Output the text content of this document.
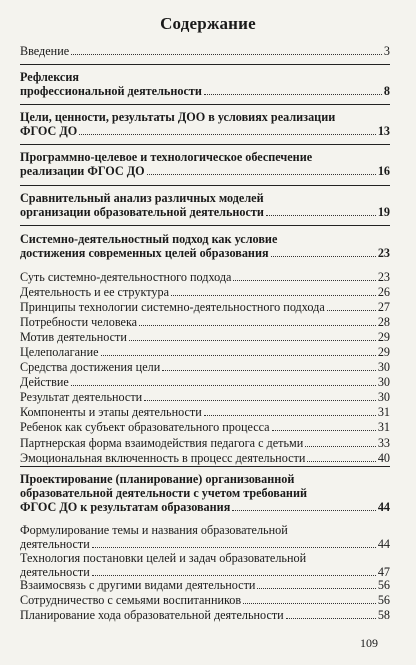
Содержание
Введение	3
Рефлексия
профессиональной деятельности	8
Цели, ценности, результаты ДОО в условиях реализации
ФГОС ДО	13
Программно-целевое и технологическое обеспечение
реализации ФГОС ДО	16
Сравнительный анализ различных моделей
организации образовательной деятельности	19
Системно-деятельностный подход как условие
достижения современных целей образования	23
Суть системно-деятельностного подхода	23
Деятельность и ее структура	26
Принципы технологии системно-деятельностного подхода	27
Потребности человека	28
Мотив деятельности	29
Целеполагание	29
Средства достижения цели	30
Действие	30
Результат деятельности	30
Компоненты и этапы деятельности	31
Ребенок как субъект образовательного процесса	31
Партнерская форма взаимодействия педагога с детьми	33
Эмоциональная включенность в процесс деятельности	40
Проектирование (планирование) организованной
образовательной деятельности с учетом требований
ФГОС ДО к результатам образования	44
Формулирование темы и названия образовательной
деятельности	44
Технология постановки целей и задач образовательной
деятельности	47
Взаимосвязь с другими видами деятельности	56
Сотрудничество с семьями воспитанников	56
Планирование хода образовательной деятельности	58
109
